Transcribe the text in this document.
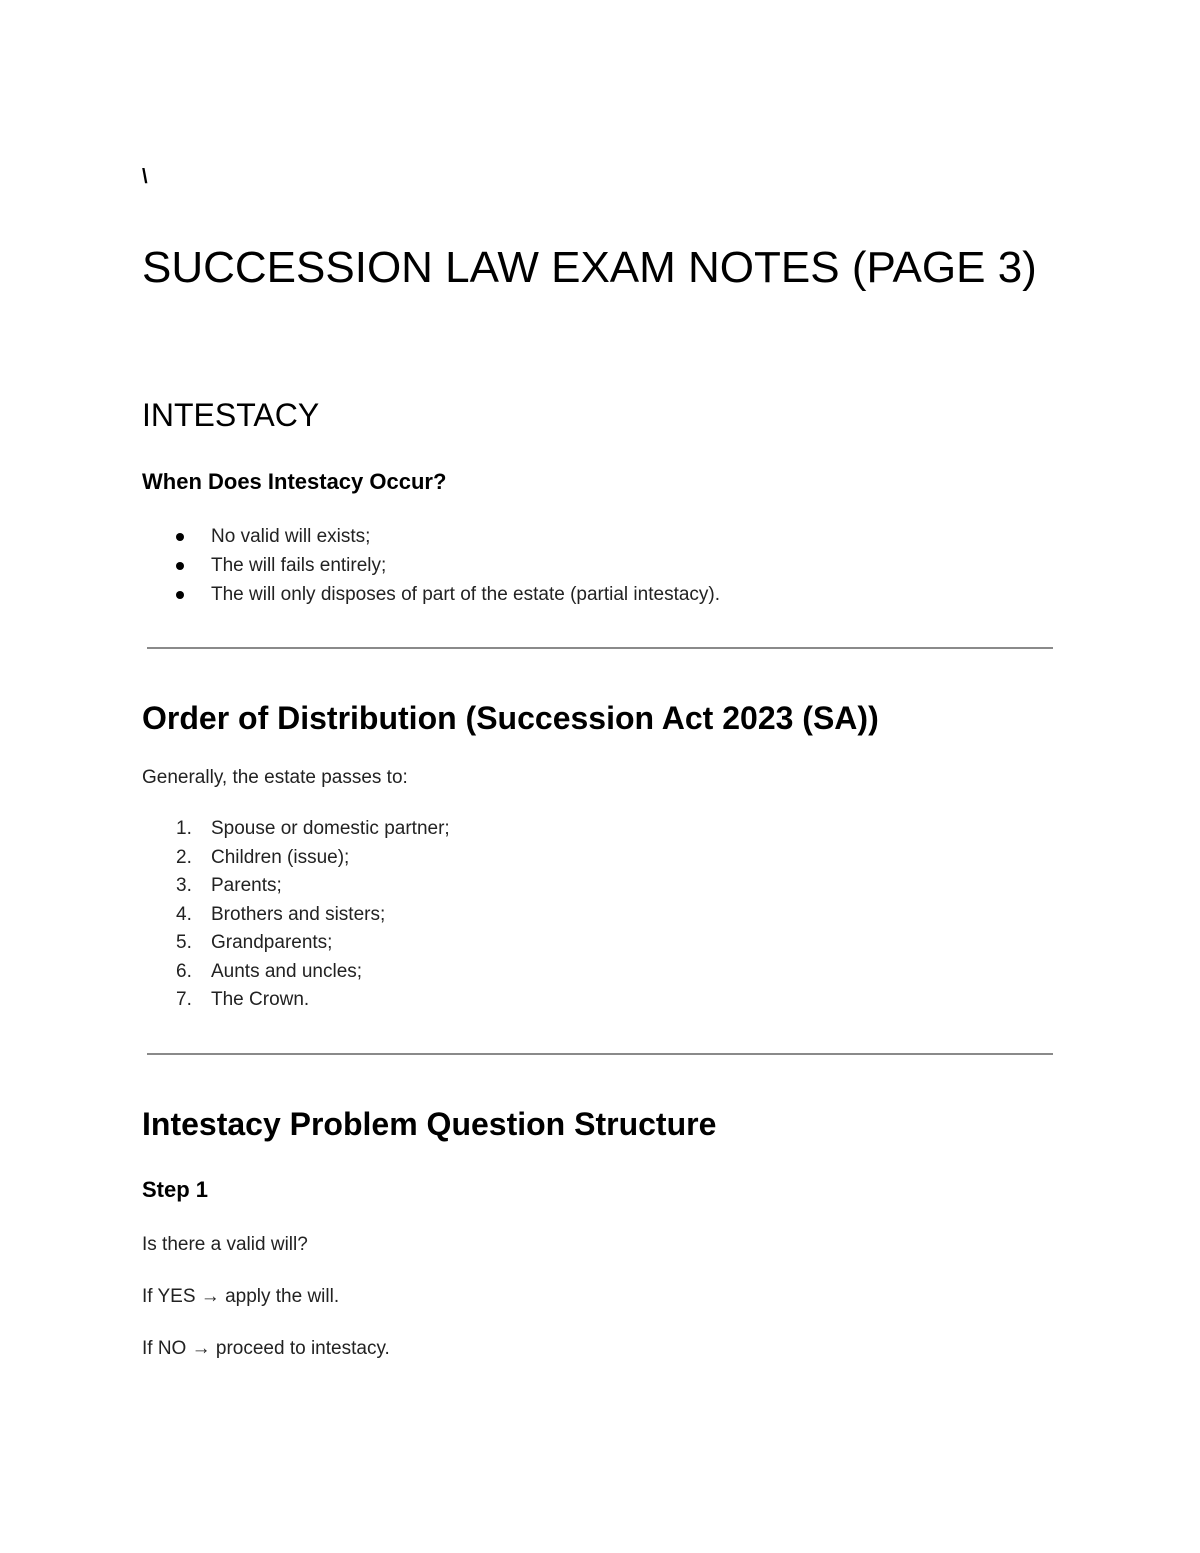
\

SUCCESSION LAW EXAM NOTES (PAGE 3)
INTESTACY
When Does Intestacy Occur?
No valid will exists;
The will fails entirely;
The will only disposes of part of the estate (partial intestacy).
Order of Distribution (Succession Act 2023 (SA))

Generally, the estate passes to:

1. Spouse or domestic partner;
2. Children (issue);
3. Parents;
4. Brothers and sisters;
5. Grandparents;
6. Aunts and uncles;
7. The Crown.
Intestacy Problem Question Structure
Step 1

Is there a valid will?

If YES → apply the will.

If NO → proceed to intestacy.
